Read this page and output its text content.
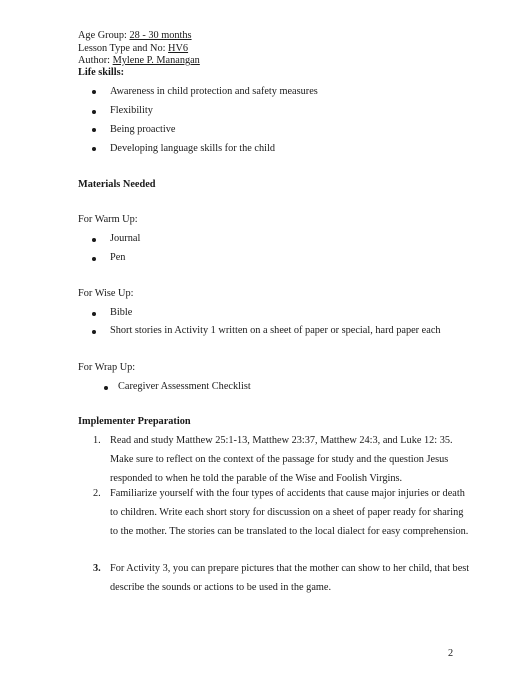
Age Group: 28 - 30 months
Lesson Type and No: HV6
Author: Mylene P. Manangan
Life skills:
Awareness in child protection and safety measures
Flexibility
Being proactive
Developing language skills for the child
Materials Needed
For Warm Up:
Journal
Pen
For Wise Up:
Bible
Short stories in Activity 1 written on a sheet of paper or special, hard paper each
For Wrap Up:
Caregiver Assessment Checklist
Implementer Preparation
1. Read and study Matthew 25:1-13, Matthew 23:37, Matthew 24:3, and Luke 12: 35. Make sure to reflect on the context of the passage for study and the question Jesus responded to when he told the parable of the Wise and Foolish Virgins.
2. Familiarize yourself with the four types of accidents that cause major injuries or death to children. Write each short story for discussion on a sheet of paper ready for sharing to the mother. The stories can be translated to the local dialect for easy comprehension.
3. For Activity 3, you can prepare pictures that the mother can show to her child, that best describe the sounds or actions to be used in the game.
2
